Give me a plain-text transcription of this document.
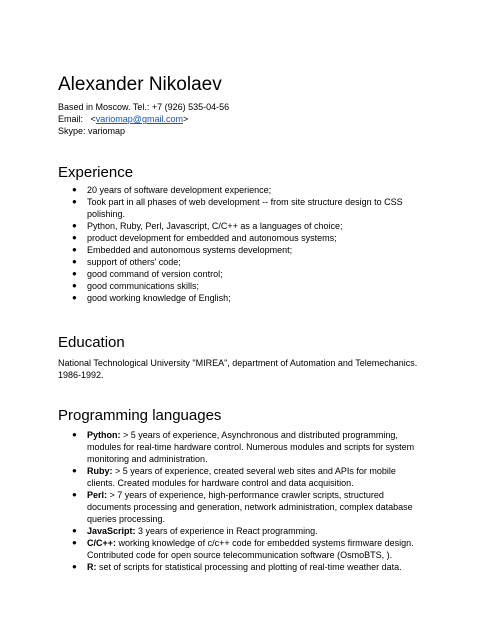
Alexander Nikolaev
Based in Moscow. Tel.: +7 (926) 535-04-56
Email: <variomap@gmail.com>
Skype: variomap
Experience
● 20 years of software development experience;
● Took part in all phases of web development -- from site structure design to CSS polishing.
● Python, Ruby, Perl, Javascript, C/C++ as a languages of choice;
● product development for embedded and autonomous systems;
● Embedded and autonomous systems development;
● support of others' code;
● good command of version control;
● good communications skills;
● good working knowledge of English;
Education
National Technological University "MIREA", department of Automation and Telemechanics.
1986-1992.
Programming languages
● Python: > 5 years of experience, Asynchronous and distributed programming, modules for real-time hardware control. Numerous modules and scripts for system monitoring and administration.
● Ruby: > 5 years of experience, created several web sites and APIs for mobile clients. Created modules for hardware control and data acquisition.
● Perl: > 7 years of experience, high-performance crawler scripts, structured documents processing and generation, network administration, complex database queries processing.
● JavaScript: 3 years of experience in React programming.
● C/C++: working knowledge of c/c++ code for embedded systems firmware design. Contributed code for open source telecommunication software (OsmoBTS, ).
● R: set of scripts for statistical processing and plotting of real-time weather data.
